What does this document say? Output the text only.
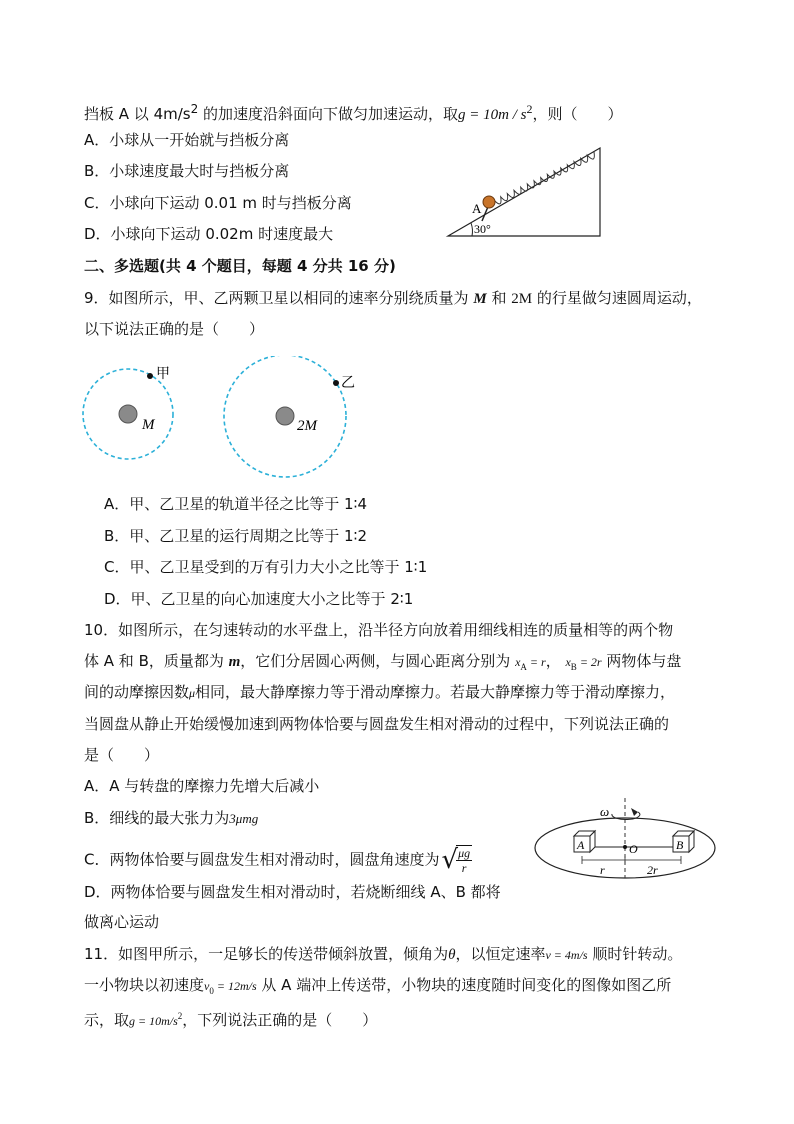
挡板 A 以 $4m/s^2$ 的加速度沿斜面向下做匀加速运动，取$g = 10m / s^2$，则（　　）
A．小球从一开始就与挡板分离
B．小球速度最大时与挡板分离
C．小球向下运动 0.01 m 时与挡板分离
D．小球向下运动 0.02m 时速度最大
A
30°
二、多选题(共 4 个题目，每题 4 分共 16 分)
9．如图所示，甲、乙两颗卫星以相同的速率分别绕质量为 M 和 2M 的行星做匀速圆周运动，
以下说法正确的是（　　）
甲
M
乙
2M
A．甲、乙卫星的轨道半径之比等于 1∶4
B．甲、乙卫星的运行周期之比等于 1∶2
C．甲、乙卫星受到的万有引力大小之比等于 1∶1
D．甲、乙卫星的向心加速度大小之比等于 2∶1
10．如图所示，在匀速转动的水平盘上，沿半径方向放着用细线相连的质量相等的两个物
体 A 和 B，质量都为 m，它们分居圆心两侧，与圆心距离分别为 $x_A = r$， $x_B = 2r$ 两物体与盘
间的动摩擦因数μ相同，最大静摩擦力等于滑动摩擦力。若最大静摩擦力等于滑动摩擦力，
当圆盘从静止开始缓慢加速到两物体恰要与圆盘发生相对滑动的过程中，下列说法正确的
是（　　）
A．A 与转盘的摩擦力先增大后减小
B．细线的最大张力为3μmg
C．两物体恰要与圆盘发生相对滑动时，圆盘角速度为√
$\frac{\mu g}{r}$
D．两物体恰要与圆盘发生相对滑动时，若烧断细线 A、B 都将
做离心运动
ω
A	B
O
r	2r
11．如图甲所示，一足够长的传送带倾斜放置，倾角为θ，以恒定速率v = 4m/s 顺时针转动。
一小物块以初速度$v_0 = 12m/s$ 从 A 端冲上传送带，小物块的速度随时间变化的图像如图乙所
示，取$g = 10m/s^2$，下列说法正确的是（　　）
